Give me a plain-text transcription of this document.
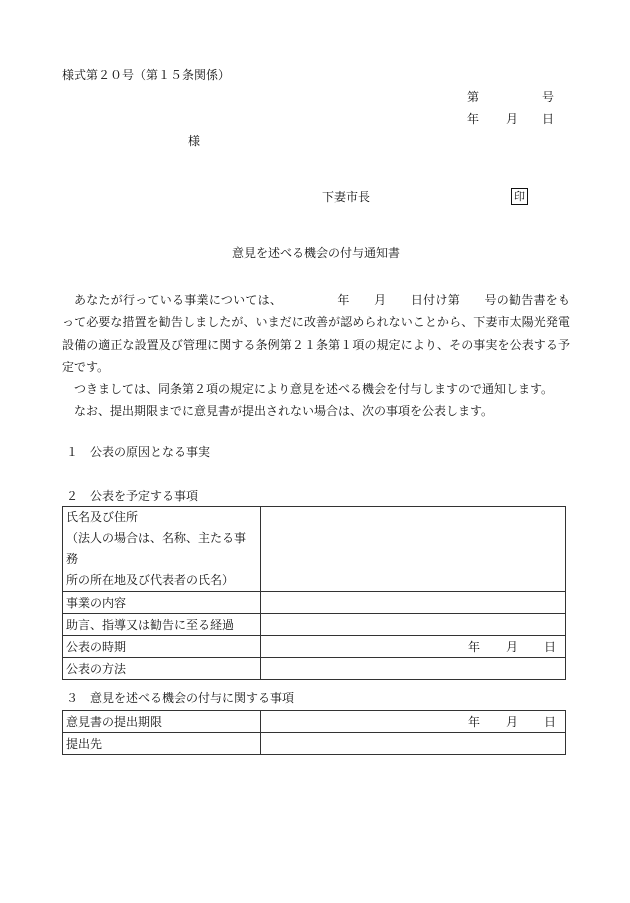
様式第２０号（第１５条関係）
第	号
年 月 日
様
下妻市長	印
意見を述べる機会の付与通知書

あなたが行っている事業については、　　　　　年　　月　　日付け第　　号の勧告書をもって必要な措置を勧告しましたが、いまだに改善が認められないことから、下妻市太陽光発電設備の適正な設置及び管理に関する条例第２１条第１項の規定により、その事実を公表する予定です。

つきましては、同条第２項の規定により意見を述べる機会を付与しますので通知します。

なお、提出期限までに意見書が提出されない場合は、次の事項を公表します。

１　公表の原因となる事実
２　公表を予定する事項
氏名及び住所
（法人の場合は、名称、主たる事務
所の所在地及び代表者の氏名）	

事業の内容	
助言、指導又は勧告に至る経過	
公表の時期	年 月 日

公表の方法	
３　意見を述べる機会の付与に関する事項
意見書の提出期限	年 月 日

提出先	
